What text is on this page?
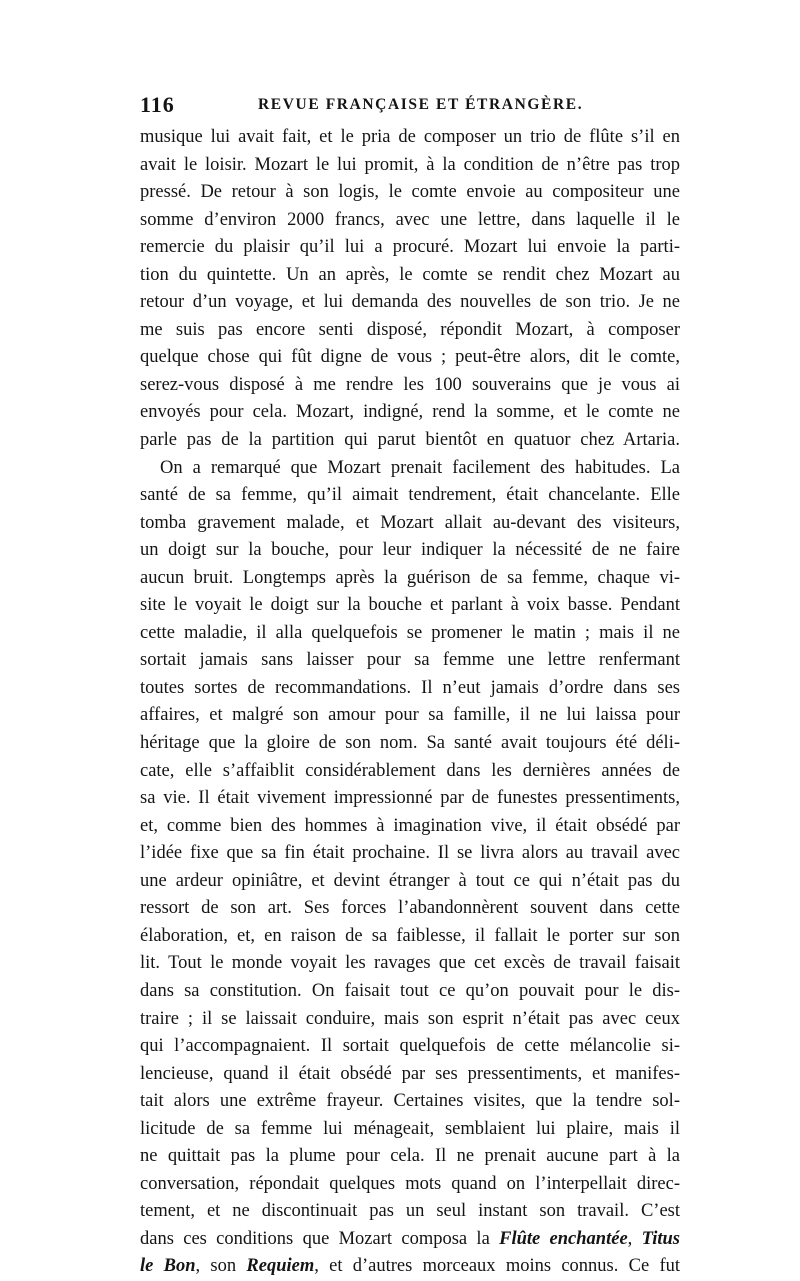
116	REVUE FRANÇAISE ET ÉTRANGÈRE.
musique lui avait fait, et le pria de composer un trio de flûte s’il en
avait le loisir. Mozart le lui promit, à la condition de n’être pas trop
pressé. De retour à son logis, le comte envoie au compositeur une
somme d’environ 2000 francs, avec une lettre, dans laquelle il le
remercie du plaisir qu’il lui a procuré. Mozart lui envoie la parti-
tion du quintette. Un an après, le comte se rendit chez Mozart au
retour d’un voyage, et lui demanda des nouvelles de son trio. Je ne
me suis pas encore senti disposé, répondit Mozart, à composer
quelque chose qui fût digne de vous ; peut-être alors, dit le comte,
serez-vous disposé à me rendre les 100 souverains que je vous ai
envoyés pour cela. Mozart, indigné, rend la somme, et le comte ne
parle pas de la partition qui parut bientôt en quatuor chez Artaria.
On a remarqué que Mozart prenait facilement des habitudes. La
santé de sa femme, qu’il aimait tendrement, était chancelante. Elle
tomba gravement malade, et Mozart allait au-devant des visiteurs,
un doigt sur la bouche, pour leur indiquer la nécessité de ne faire
aucun bruit. Longtemps après la guérison de sa femme, chaque vi-
site le voyait le doigt sur la bouche et parlant à voix basse. Pendant
cette maladie, il alla quelquefois se promener le matin ; mais il ne
sortait jamais sans laisser pour sa femme une lettre renfermant
toutes sortes de recommandations. Il n’eut jamais d’ordre dans ses
affaires, et malgré son amour pour sa famille, il ne lui laissa pour
héritage que la gloire de son nom. Sa santé avait toujours été déli-
cate, elle s’affaiblit considérablement dans les dernières années de
sa vie. Il était vivement impressionné par de funestes pressentiments,
et, comme bien des hommes à imagination vive, il était obsédé par
l’idée fixe que sa fin était prochaine. Il se livra alors au travail avec
une ardeur opiniâtre, et devint étranger à tout ce qui n’était pas du
ressort de son art. Ses forces l’abandonnèrent souvent dans cette
élaboration, et, en raison de sa faiblesse, il fallait le porter sur son
lit. Tout le monde voyait les ravages que cet excès de travail faisait
dans sa constitution. On faisait tout ce qu’on pouvait pour le dis-
traire ; il se laissait conduire, mais son esprit n’était pas avec ceux
qui l’accompagnaient. Il sortait quelquefois de cette mélancolie si-
lencieuse, quand il était obsédé par ses pressentiments, et manifes-
tait alors une extrême frayeur. Certaines visites, que la tendre sol-
licitude de sa femme lui ménageait, semblaient lui plaire, mais il
ne quittait pas la plume pour cela. Il ne prenait aucune part à la
conversation, répondait quelques mots quand on l’interpellait direc-
tement, et ne discontinuait pas un seul instant son travail. C’est
dans ces conditions que Mozart composa la Flûte enchantée, Titus
le Bon, son Requiem, et d’autres morceaux moins connus. Ce fut
